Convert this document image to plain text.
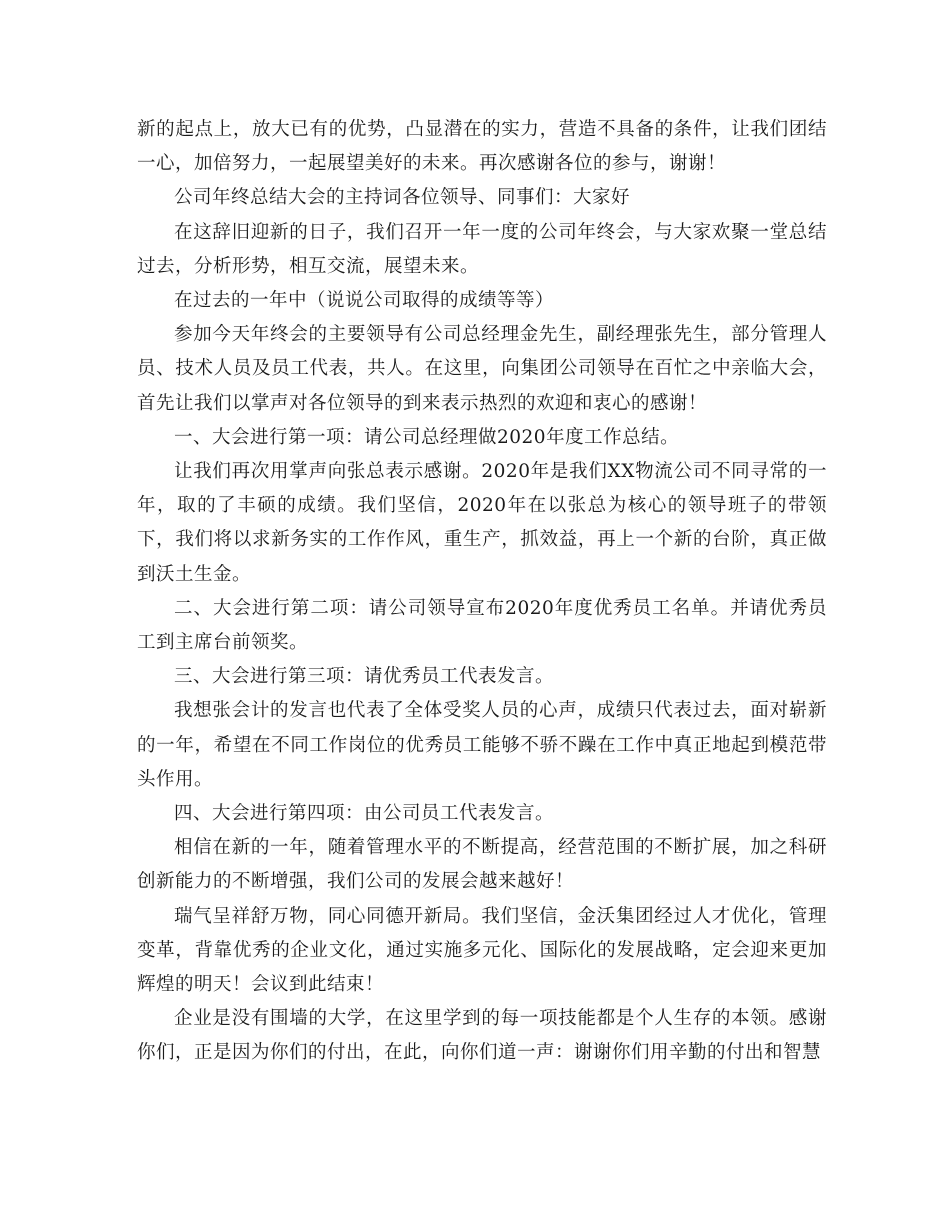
新的起点上，放大已有的优势，凸显潜在的实力，营造不具备的条件，让我们团结一心，加倍努力，一起展望美好的未来。再次感谢各位的参与，谢谢！

公司年终总结大会的主持词各位领导、同事们：大家好

在这辞旧迎新的日子，我们召开一年一度的公司年终会，与大家欢聚一堂总结过去，分析形势，相互交流，展望未来。

在过去的一年中（说说公司取得的成绩等等）

参加今天年终会的主要领导有公司总经理金先生，副经理张先生，部分管理人员、技术人员及员工代表，共人。在这里，向集团公司领导在百忙之中亲临大会，首先让我们以掌声对各位领导的到来表示热烈的欢迎和衷心的感谢！

一、大会进行第一项：请公司总经理做2020年度工作总结。

让我们再次用掌声向张总表示感谢。2020年是我们XX物流公司不同寻常的一年，取的了丰硕的成绩。我们坚信，2020年在以张总为核心的领导班子的带领下，我们将以求新务实的工作作风，重生产，抓效益，再上一个新的台阶，真正做到沃土生金。

二、大会进行第二项：请公司领导宣布2020年度优秀员工名单。并请优秀员工到主席台前领奖。

三、大会进行第三项：请优秀员工代表发言。

我想张会计的发言也代表了全体受奖人员的心声，成绩只代表过去，面对崭新的一年，希望在不同工作岗位的优秀员工能够不骄不躁在工作中真正地起到模范带头作用。

四、大会进行第四项：由公司员工代表发言。

相信在新的一年，随着管理水平的不断提高，经营范围的不断扩展，加之科研创新能力的不断增强，我们公司的发展会越来越好！

瑞气呈祥舒万物，同心同德开新局。我们坚信，金沃集团经过人才优化，管理变革，背靠优秀的企业文化，通过实施多元化、国际化的发展战略，定会迎来更加辉煌的明天！会议到此结束！

企业是没有围墙的大学，在这里学到的每一项技能都是个人生存的本领。感谢你们，正是因为你们的付出，在此，向你们道一声：谢谢你们用辛勤的付出和智慧
